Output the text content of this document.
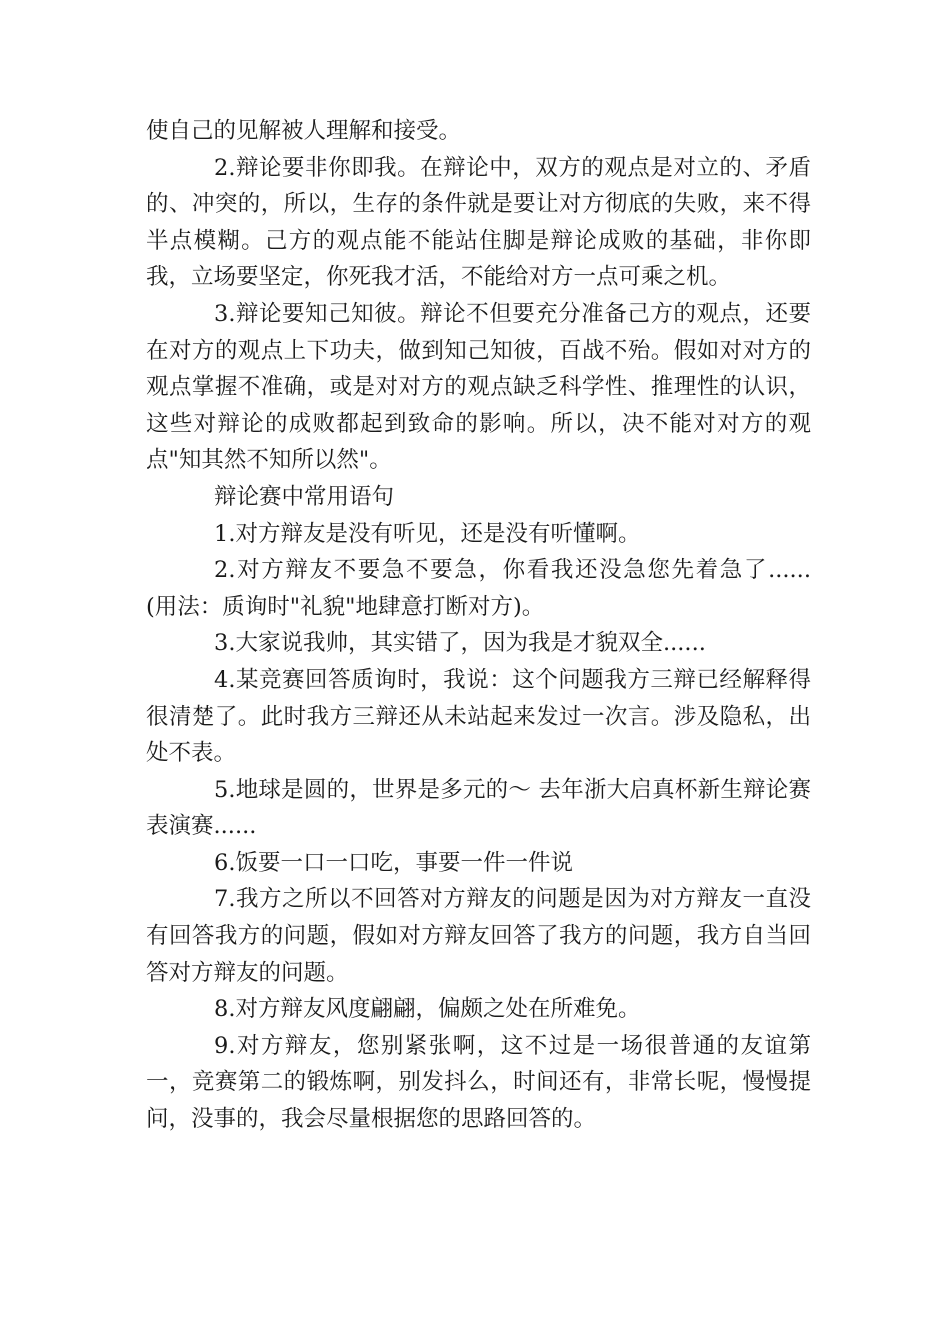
使自己的见解被人理解和接受。

2.辩论要非你即我。在辩论中，双方的观点是对立的、矛盾的、冲突的，所以，生存的条件就是要让对方彻底的失败，来不得半点模糊。己方的观点能不能站住脚是辩论成败的基础，非你即我，立场要坚定，你死我才活，不能给对方一点可乘之机。

3.辩论要知己知彼。辩论不但要充分准备己方的观点，还要在对方的观点上下功夫，做到知己知彼，百战不殆。假如对对方的观点掌握不准确，或是对对方的观点缺乏科学性、推理性的认识，这些对辩论的成败都起到致命的影响。所以，决不能对对方的观点"知其然不知所以然"。

辩论赛中常用语句

1.对方辩友是没有听见，还是没有听懂啊。

2.对方辩友不要急不要急，你看我还没急您先着急了...... (用法：质询时"礼貌"地肆意打断对方)。

3.大家说我帅，其实错了，因为我是才貌双全......

4.某竞赛回答质询时，我说：这个问题我方三辩已经解释得很清楚了。此时我方三辩还从未站起来发过一次言。涉及隐私，出处不表。

5.地球是圆的，世界是多元的～ 去年浙大启真杯新生辩论赛表演赛......

6.饭要一口一口吃，事要一件一件说

7.我方之所以不回答对方辩友的问题是因为对方辩友一直没有回答我方的问题，假如对方辩友回答了我方的问题，我方自当回答对方辩友的问题。

8.对方辩友风度翩翩，偏颇之处在所难免。

9.对方辩友，您别紧张啊，这不过是一场很普通的友谊第一，竞赛第二的锻炼啊，别发抖么，时间还有，非常长呢，慢慢提问，没事的，我会尽量根据您的思路回答的。
